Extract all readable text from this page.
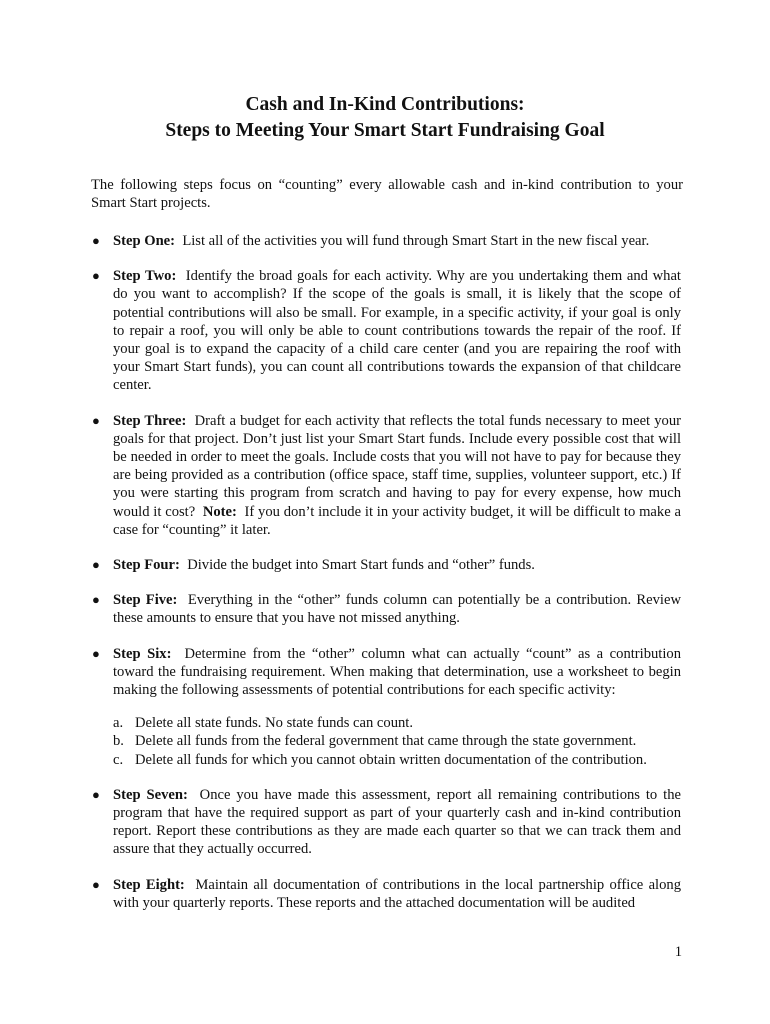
Cash and In-Kind Contributions:
Steps to Meeting Your Smart Start Fundraising Goal

The following steps focus on “counting” every allowable cash and in-kind contribution to your Smart Start projects.

● Step One:  List all of the activities you will fund through Smart Start in the new fiscal year.
● Step Two:  Identify the broad goals for each activity. Why are you undertaking them and what do you want to accomplish? If the scope of the goals is small, it is likely that the scope of potential contributions will also be small. For example, in a specific activity, if your goal is only to repair a roof, you will only be able to count contributions towards the repair of the roof. If your goal is to expand the capacity of a child care center (and you are repairing the roof with your Smart Start funds), you can count all contributions towards the expansion of that childcare center.
● Step Three:  Draft a budget for each activity that reflects the total funds necessary to meet your goals for that project. Don’t just list your Smart Start funds. Include every possible cost that will be needed in order to meet the goals. Include costs that you will not have to pay for because they are being provided as a contribution (office space, staff time, supplies, volunteer support, etc.) If you were starting this program from scratch and having to pay for every expense, how much would it cost?  Note:  If you don’t include it in your activity budget, it will be difficult to make a case for “counting” it later.
● Step Four:  Divide the budget into Smart Start funds and “other” funds.
● Step Five:  Everything in the “other” funds column can potentially be a contribution. Review these amounts to ensure that you have not missed anything.
● Step Six:  Determine from the “other” column what can actually “count” as a contribution toward the fundraising requirement. When making that determination, use a worksheet to begin making the following assessments of potential contributions for each specific activity:
a. Delete all state funds. No state funds can count.
b. Delete all funds from the federal government that came through the state government.
c. Delete all funds for which you cannot obtain written documentation of the contribution.
● Step Seven:  Once you have made this assessment, report all remaining contributions to the program that have the required support as part of your quarterly cash and in-kind contribution report. Report these contributions as they are made each quarter so that we can track them and assure that they actually occurred.
● Step Eight:  Maintain all documentation of contributions in the local partnership office along with your quarterly reports. These reports and the attached documentation will be audited
1
